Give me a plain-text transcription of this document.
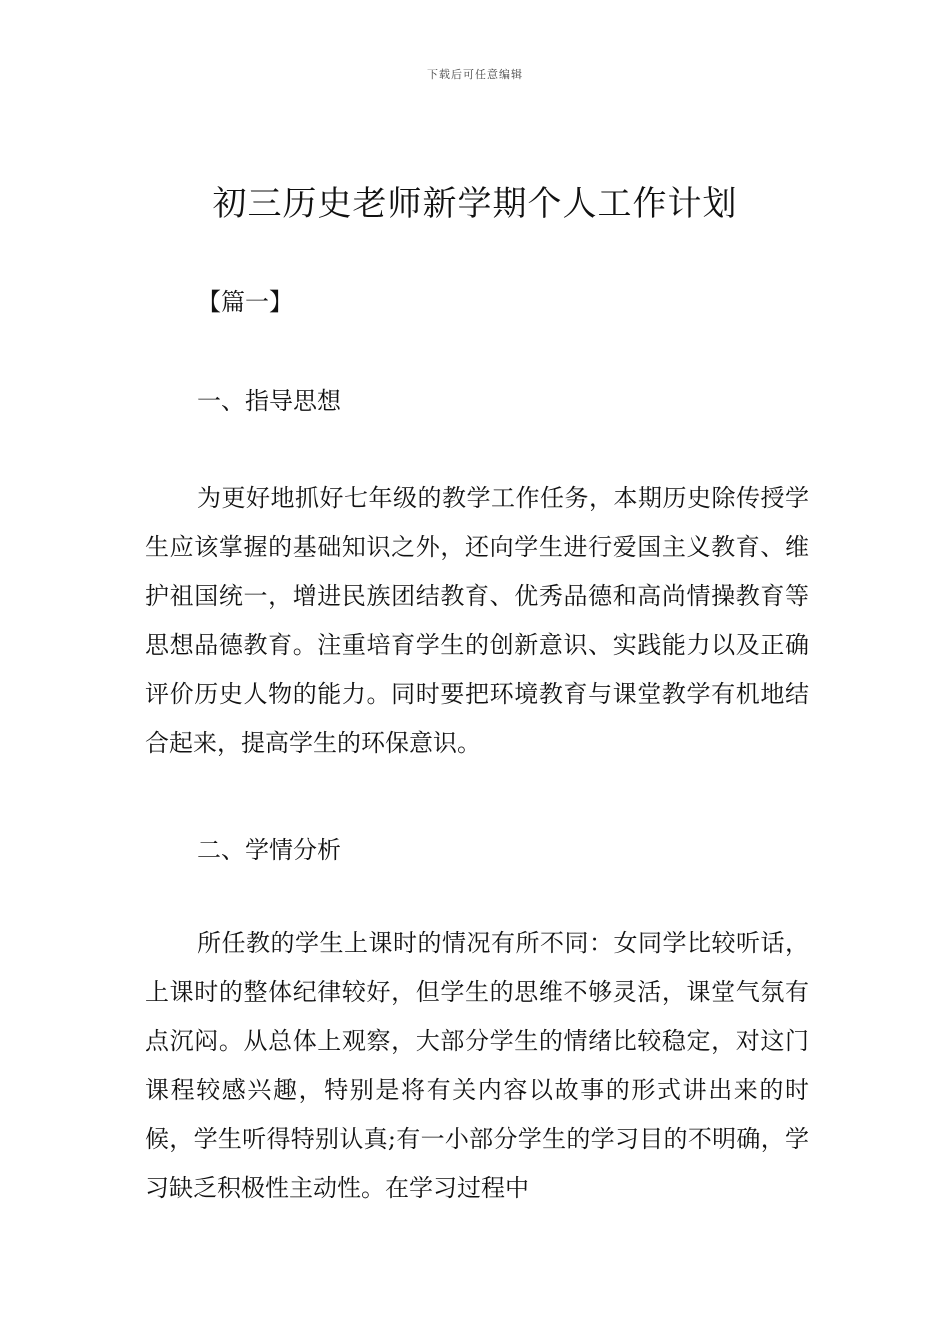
下载后可任意编辑
初三历史老师新学期个人工作计划
【篇一】
一、指导思想

为更好地抓好七年级的教学工作任务，本期历史除传授学生应该掌握的基础知识之外，还向学生进行爱国主义教育、维护祖国统一，增进民族团结教育、优秀品德和高尚情操教育等思想品德教育。注重培育学生的创新意识、实践能力以及正确评价历史人物的能力。同时要把环境教育与课堂教学有机地结合起来，提高学生的环保意识。

二、学情分析

所任教的学生上课时的情况有所不同：女同学比较听话，上课时的整体纪律较好，但学生的思维不够灵活，课堂气氛有点沉闷。从总体上观察，大部分学生的情绪比较稳定，对这门课程较感兴趣，特别是将有关内容以故事的形式讲出来的时候，学生听得特别认真;有一小部分学生的学习目的不明确，学习缺乏积极性主动性。在学习过程中
